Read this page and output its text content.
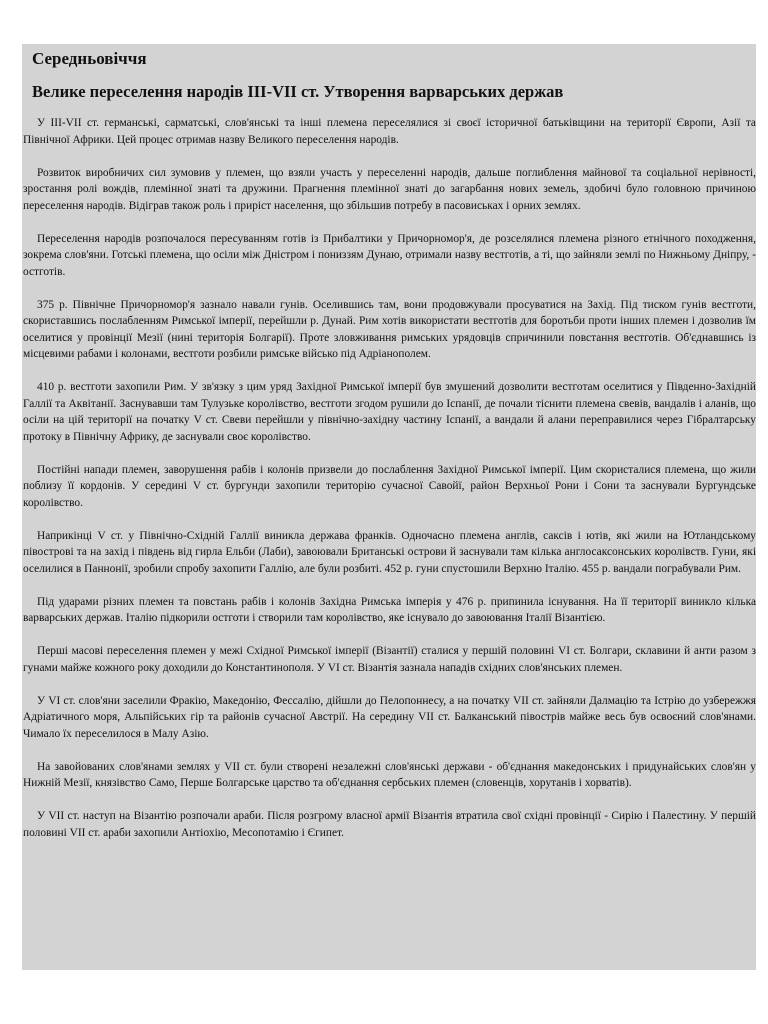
Середньовіччя
Велике переселення народів III-VII ст. Утворення варварських держав

У III-VII ст. германські, сарматські, слов'янські та інші племена переселялися зі своєї історичної батьківщини на території Європи, Азії та Північної Африки. Цей процес отримав назву Великого переселення народів.

Розвиток виробничих сил зумовив у племен, що взяли участь у переселенні народів, дальше поглиблення майнової та соціальної нерівності, зростання ролі вождів, племінної знаті та дружини. Прагнення племінної знаті до загарбання нових земель, здобичі було головною причиною переселення народів. Відіграв також роль і приріст населення, що збільшив потребу в пасовиськах і орних землях.

Переселення народів розпочалося пересуванням готів із Прибалтики у Причорномор'я, де розселялися племена різного етнічного походження, зокрема слов'яни. Готські племена, що осіли між Дністром і пониззям Дунаю, отримали назву вестготів, а ті, що зайняли землі по Нижньому Дніпру, - остготів.

375 р. Північне Причорномор'я зазнало навали гунів. Оселившись там, вони продовжували просуватися на Захід. Під тиском гунів вестготи, скориставшись послабленням Римської імперії, перейшли р. Дунай. Рим хотів використати вестготів для боротьби проти інших племен і дозволив їм оселитися у провінції Мезії (нині територія Болгарії). Проте зловживання римських урядовців спричинили повстання вестготів. Об'єднавшись із місцевими рабами і колонами, вестготи розбили римське військо під Адріанополем.

410 р. вестготи захопили Рим. У зв'язку з цим уряд Західної Римської імперії був змушений дозволити вестготам оселитися у Південно-Західній Галлії та Аквітанії. Заснувавши там Тулузьке королівство, вестготи згодом рушили до Іспанії, де почали тіснити племена свевів, вандалів і аланів, що осіли на цій території на початку V ст. Свеви перейшли у північно-західну частину Іспанії, а вандали й алани переправилися через Гібралтарську протоку в Північну Африку, де заснували своє королівство.

Постійні напади племен, заворушення рабів і колонів призвели до послаблення Західної Римської імперії. Цим скористалися племена, що жили поблизу її кордонів. У середині V ст. бургунди захопили територію сучасної Савойї, район Верхньої Рони і Сони та заснували Бургундське королівство.

Наприкінці V ст. у Північно-Східній Галлії виникла держава франків. Одночасно племена англів, саксів і ютів, які жили на Ютландському півострові та на захід і південь від гирла Ельби (Лаби), завоювали Британські острови й заснували там кілька англосаксонських королівств. Гуни, які оселилися в Паннонії, зробили спробу захопити Галлію, але були розбиті. 452 р. гуни спустошили Верхню Італію. 455 р. вандали пограбували Рим.

Під ударами різних племен та повстань рабів і колонів Західна Римська імперія у 476 р. припинила існування. На її території виникло кілька варварських держав. Італію підкорили остготи і створили там королівство, яке існувало до завоювання Італії Візантією.

Перші масові переселення племен у межі Східної Римської імперії (Візантії) сталися у першій половині VI ст. Болгари, склавини й анти разом з гунами майже кожного року доходили до Константинополя. У VI ст. Візантія зазнала нападів східних слов'янських племен.

У VI ст. слов'яни заселили Фракію, Македонію, Фессалію, дійшли до Пелопоннесу, а на початку VII ст. зайняли Далмацію та Істрію до узбережжя Адріатичного моря, Альпійських гір та районів сучасної Австрії. На середину VII ст. Балканський півострів майже весь був освоєний слов'янами. Чимало їх переселилося в Малу Азію.

На завойованих слов'янами землях у VII ст. були створені незалежні слов'янські держави - об'єднання македонських і придунайських слов'ян у Нижній Мезії, князівство Само, Перше Болгарське царство та об'єднання сербських племен (словенців, хорутанів і хорватів).

У VII ст. наступ на Візантію розпочали араби. Після розгрому власної армії Візантія втратила свої східні провінції - Сирію і Палестину. У першій половині VII ст. араби захопили Антіохію, Месопотамію і Єгипет.
